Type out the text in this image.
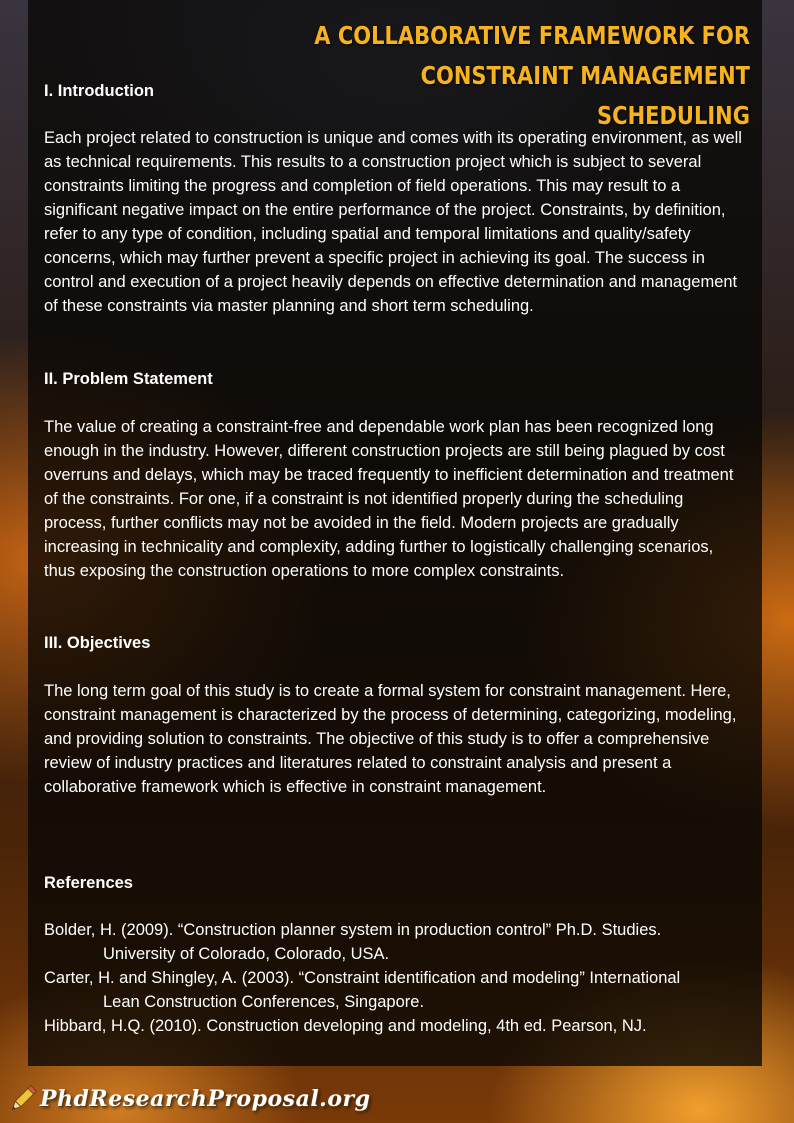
A COLLABORATIVE FRAMEWORK FOR
CONSTRAINT MANAGEMENT SCHEDULING

I. Introduction

Each project related to construction is unique and comes with its operating environment, as well as technical requirements. This results to a construction project which is subject to several constraints limiting the progress and completion of field operations. This may result to a significant negative impact on the entire performance of the project. Constraints, by definition, refer to any type of condition, including spatial and temporal limitations and quality/safety concerns, which may further prevent a specific project in achieving its goal. The success in control and execution of a project heavily depends on effective determination and management of these constraints via master planning and short term scheduling.

II. Problem Statement

The value of creating a constraint-free and dependable work plan has been recognized long enough in the industry. However, different construction projects are still being plagued by cost overruns and delays, which may be traced frequently to inefficient determination and treatment of the constraints. For one, if a constraint is not identified properly during the scheduling process, further conflicts may not be avoided in the field. Modern projects are gradually increasing in technicality and complexity, adding further to logistically challenging scenarios, thus exposing the construction operations to more complex constraints.

III. Objectives

The long term goal of this study is to create a formal system for constraint management. Here, constraint management is characterized by the process of determining, categorizing, modeling, and providing solution to constraints. The objective of this study is to offer a comprehensive review of industry practices and literatures related to constraint analysis and present a collaborative framework which is effective in constraint management.

References

Bolder, H. (2009). “Construction planner system in production control” Ph.D. Studies.
University of Colorado, Colorado, USA.

Carter, H. and Shingley, A. (2003). “Constraint identification and modeling” International
Lean Construction Conferences, Singapore.

Hibbard, H.Q. (2010). Construction developing and modeling, 4th ed. Pearson, NJ.

PhdResearchProposal.org
